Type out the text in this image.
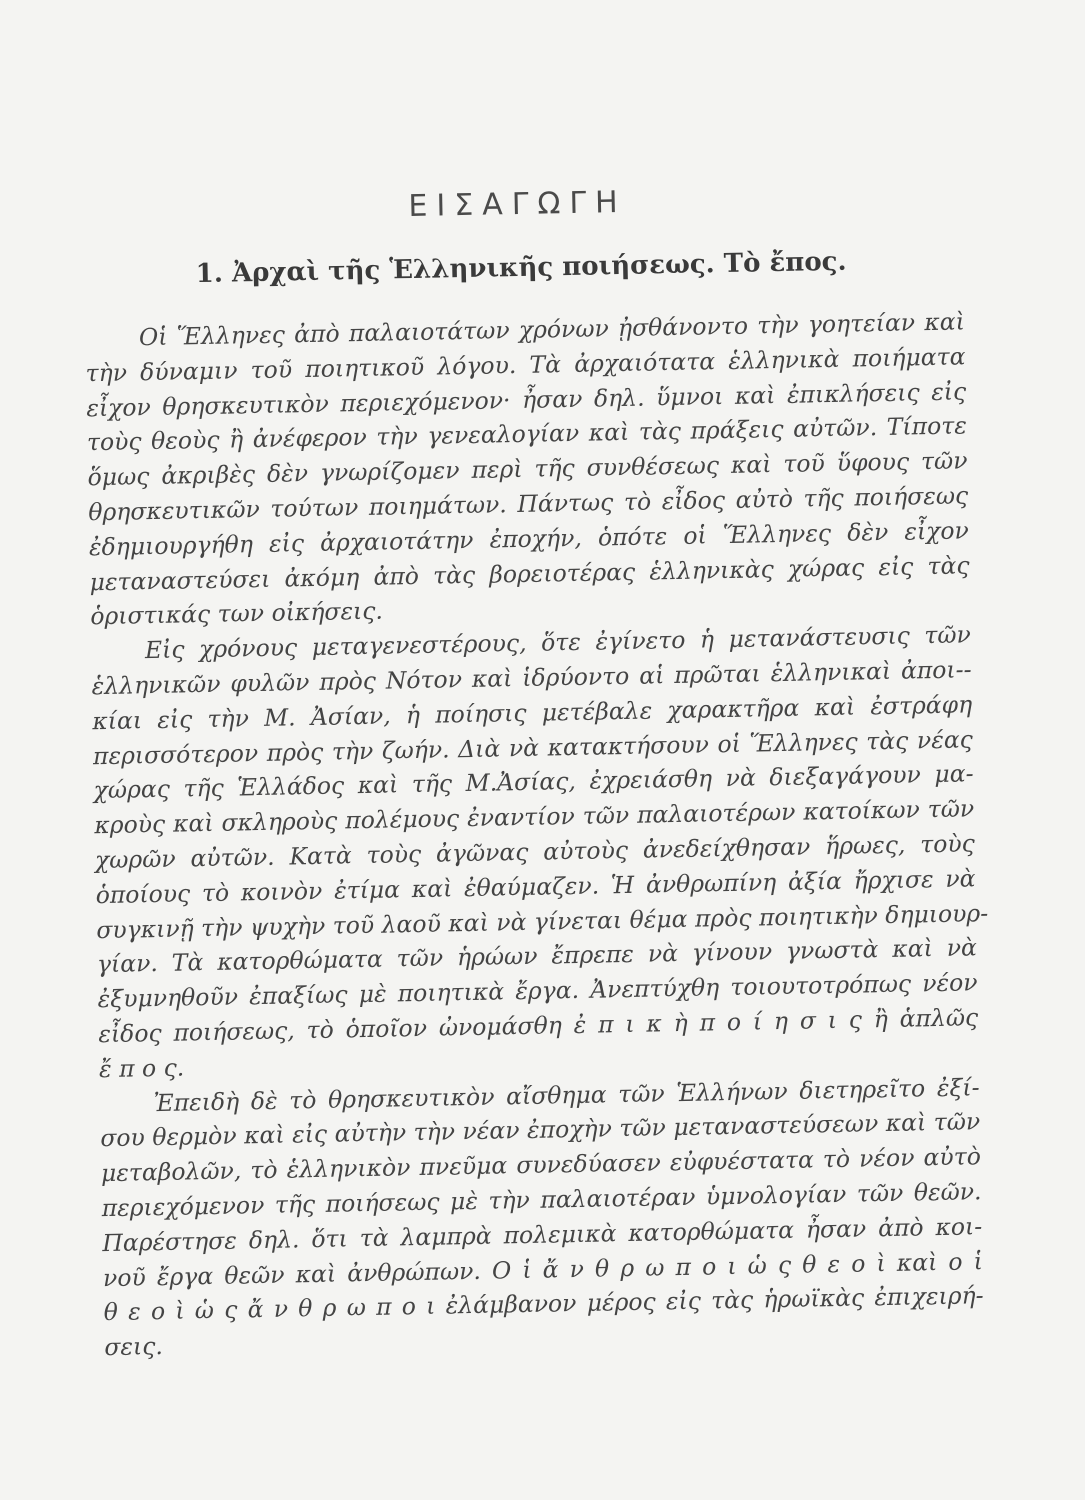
ΕΙΣΑΓΩΓΗ
1. Ἀρχαὶ τῆς Ἑλληνικῆς ποιήσεως. Τὸ ἔπος.
Οἱ Ἕλληνες ἀπὸ παλαιοτάτων χρόνων ᾐσθάνοντο τὴν γοητείαν καὶ
τὴν δύναμιν τοῦ ποιητικοῦ λόγου. Τὰ ἀρχαιότατα ἑλληνικὰ ποιήματα
εἶχον θρησκευτικὸν περιεχόμενον· ἦσαν δηλ. ὕμνοι καὶ ἐπικλήσεις εἰς
τοὺς θεοὺς ἢ ἀνέφερον τὴν γενεαλογίαν καὶ τὰς πράξεις αὐτῶν. Τίποτε
ὅμως ἀκριβὲς δὲν γνωρίζομεν περὶ τῆς συνθέσεως καὶ τοῦ ὕφους τῶν
θρησκευτικῶν τούτων ποιημάτων. Πάντως τὸ εἶδος αὐτὸ τῆς ποιήσεως
ἐδημιουργήθη εἰς ἀρχαιοτάτην ἐποχήν, ὁπότε οἱ Ἕλληνες δὲν εἶχον
μεταναστεύσει ἀκόμη ἀπὸ τὰς βορειοτέρας ἑλληνικὰς χώρας εἰς τὰς
ὁριστικάς των οἰκήσεις.
Εἰς χρόνους μεταγενεστέρους, ὅτε ἐγίνετο ἡ μετανάστευσις τῶν
ἑλληνικῶν φυλῶν πρὸς Νότον καὶ ἱδρύοντο αἱ πρῶται ἑλληνικαὶ ἀποι--
κίαι εἰς τὴν Μ. Ἀσίαν, ἡ ποίησις μετέβαλε χαρακτῆρα καὶ ἐστράφη
περισσότερον πρὸς τὴν ζωήν. Διὰ νὰ κατακτήσουν οἱ Ἕλληνες τὰς νέας
χώρας τῆς Ἑλλάδος καὶ τῆς Μ.Ἀσίας, ἐχρειάσθη νὰ διεξαγάγουν μα-
κροὺς καὶ σκληροὺς πολέμους ἐναντίον τῶν παλαιοτέρων κατοίκων τῶν
χωρῶν αὐτῶν. Κατὰ τοὺς ἀγῶνας αὐτοὺς ἀνεδείχθησαν ἥρωες, τοὺς
ὁποίους τὸ κοινὸν ἐτίμα καὶ ἐθαύμαζεν. Ἡ ἀνθρωπίνη ἀξία ἤρχισε νὰ
συγκινῇ τὴν ψυχὴν τοῦ λαοῦ καὶ νὰ γίνεται θέμα πρὸς ποιητικὴν δημιουρ-
γίαν. Τὰ κατορθώματα τῶν ἡρώων ἔπρεπε νὰ γίνουν γνωστὰ καὶ νὰ
ἐξυμνηθοῦν ἐπαξίως μὲ ποιητικὰ ἔργα. Ἀνεπτύχθη τοιουτοτρόπως νέον
εἶδος ποιήσεως, τὸ ὁποῖον ὠνομάσθη ἐ π ι κ ὴ π ο ί η σ ι ς ἢ ἁπλῶς
ἔ π ο ς.
Ἐπειδὴ δὲ τὸ θρησκευτικὸν αἴσθημα τῶν Ἑλλήνων διετηρεῖτο ἐξί-
σου θερμὸν καὶ εἰς αὐτὴν τὴν νέαν ἐποχὴν τῶν μεταναστεύσεων καὶ τῶν
μεταβολῶν, τὸ ἑλληνικὸν πνεῦμα συνεδύασεν εὐφυέστατα τὸ νέον αὐτὸ
περιεχόμενον τῆς ποιήσεως μὲ τὴν παλαιοτέραν ὑμνολογίαν τῶν θεῶν.
Παρέστησε δηλ. ὅτι τὰ λαμπρὰ πολεμικὰ κατορθώματα ἦσαν ἀπὸ κοι-
νοῦ ἔργα θεῶν καὶ ἀνθρώπων. Ο ἱ ἄ ν θ ρ ω π ο ι ὡ ς θ ε ο ὶ καὶ ο ἱ
θ ε ο ὶ ὡ ς ἄ ν θ ρ ω π ο ι ἐλάμβανον μέρος εἰς τὰς ἡρωϊκὰς ἐπιχειρή-
σεις.
